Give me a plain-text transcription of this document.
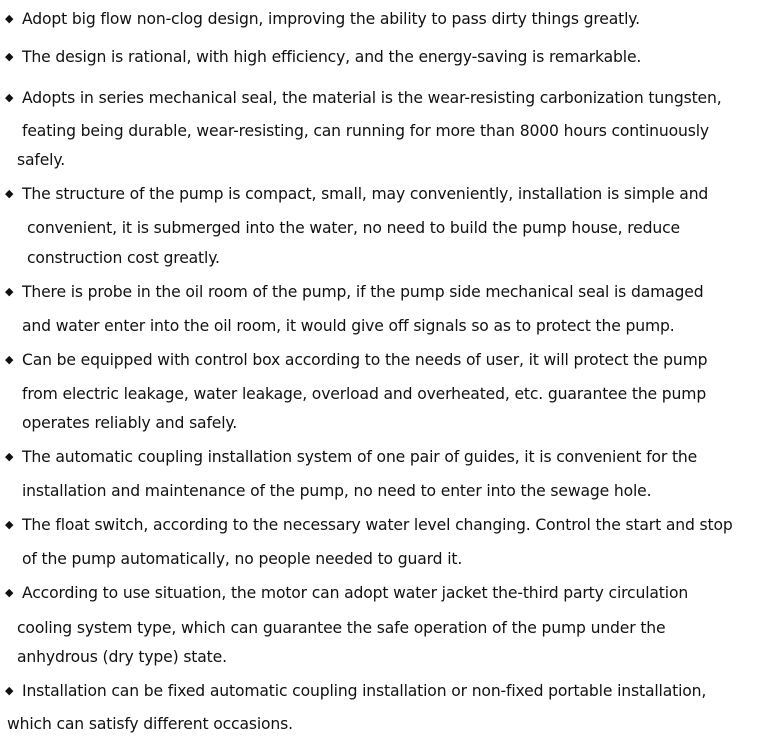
◆ Adopt big flow non-clog design, improving the ability to pass dirty things greatly.
◆ The design is rational, with high efficiency, and the energy-saving is remarkable.
◆ Adopts in series mechanical seal, the material is the wear-resisting carbonization tungsten,
feating being durable, wear-resisting, can running for more than 8000 hours continuously
safely.
◆ The structure of the pump is compact, small, may conveniently, installation is simple and
convenient, it is submerged into the water, no need to build the pump house, reduce
construction cost greatly.
◆ There is probe in the oil room of the pump, if the pump side mechanical seal is damaged
and water enter into the oil room, it would give off signals so as to protect the pump.
◆ Can be equipped with control box according to the needs of user, it will protect the pump
from electric leakage, water leakage, overload and overheated, etc. guarantee the pump
operates reliably and safely.
◆ The automatic coupling installation system of one pair of guides, it is convenient for the
installation and maintenance of the pump, no need to enter into the sewage hole.
◆ The float switch, according to the necessary water level changing. Control the start and stop
of the pump automatically, no people needed to guard it.
◆ According to use situation, the motor can adopt water jacket the-third party circulation
cooling system type, which can guarantee the safe operation of the pump under the
anhydrous (dry type) state.
◆ Installation can be fixed automatic coupling installation or non-fixed portable installation,
which can satisfy different occasions.
